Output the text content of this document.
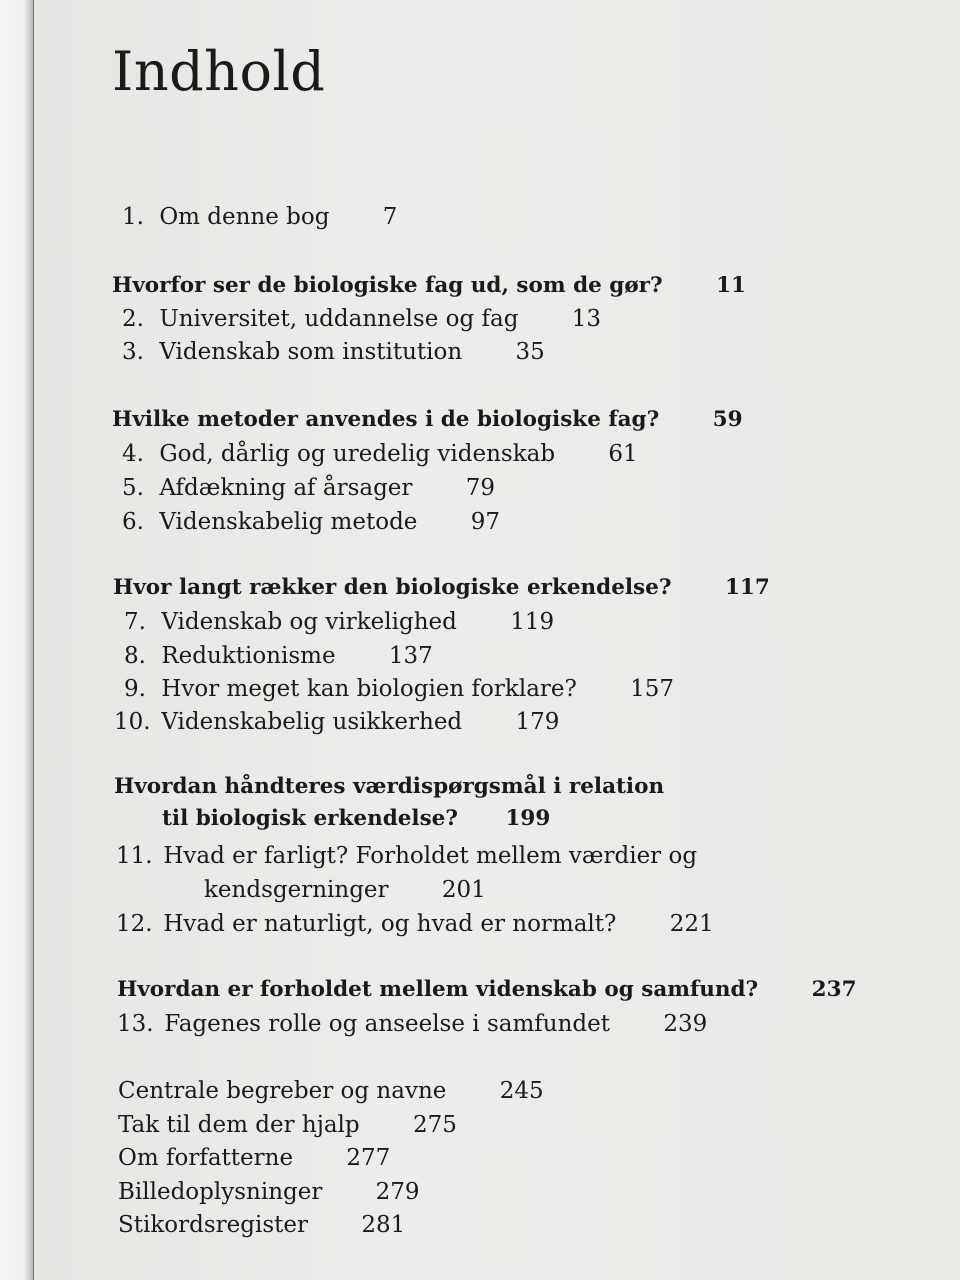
Indhold
1. Om denne bog 7
Hvorfor ser de biologiske fag ud, som de gør? 11
2. Universitet, uddannelse og fag 13
3. Videnskab som institution 35
Hvilke metoder anvendes i de biologiske fag? 59
4. God, dårlig og uredelig videnskab 61
5. Afdækning af årsager 79
6. Videnskabelig metode 97
Hvor langt rækker den biologiske erkendelse? 117
7. Videnskab og virkelighed 119
8. Reduktionisme 137
9. Hvor meget kan biologien forklare? 157
10. Videnskabelig usikkerhed 179
Hvordan håndteres værdispørgsmål i relation
til biologisk erkendelse? 199
11. Hvad er farligt? Forholdet mellem værdier og
kendsgerninger 201
12. Hvad er naturligt, og hvad er normalt? 221
Hvordan er forholdet mellem videnskab og samfund? 237
13. Fagenes rolle og anseelse i samfundet 239
Centrale begreber og navne 245
Tak til dem der hjalp 275
Om forfatterne 277
Billedoplysninger 279
Stikordsregister 281
